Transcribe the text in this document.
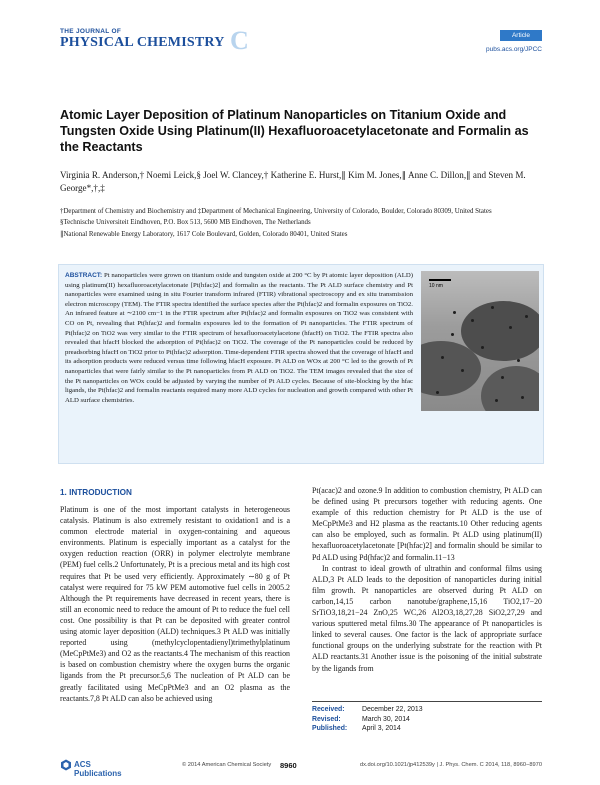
THE JOURNAL OF
PHYSICAL CHEMISTRY C	Article
pubs.acs.org/JPCC
Atomic Layer Deposition of Platinum Nanoparticles on Titanium Oxide and Tungsten Oxide Using Platinum(II) Hexafluoroacetylacetonate and Formalin as the Reactants
Virginia R. Anderson,† Noemi Leick,§ Joel W. Clancey,† Katherine E. Hurst,∥ Kim M. Jones,∥ Anne C. Dillon,∥ and Steven M. George*,†,‡
†Department of Chemistry and Biochemistry and ‡Department of Mechanical Engineering, University of Colorado, Boulder, Colorado 80309, United States
§Technische Universiteit Eindhoven, P.O. Box 513, 5600 MB Eindhoven, The Netherlands
∥National Renewable Energy Laboratory, 1617 Cole Boulevard, Golden, Colorado 80401, United States
10 nm
ABSTRACT: Pt nanoparticles were grown on titanium oxide and tungsten oxide at 200 °C by Pt atomic layer deposition (ALD) using platinum(II) hexafluoroacetylacetonate [Pt(hfac)2] and formalin as the reactants. The Pt ALD surface chemistry and Pt nanoparticles were examined using in situ Fourier transform infrared (FTIR) vibrational spectroscopy and ex situ transmission electron microscopy (TEM). The FTIR spectra identified the surface species after the Pt(hfac)2 and formalin exposures on TiO2. An infrared feature at ∼2100 cm−1 in the FTIR spectrum after Pt(hfac)2 and formalin exposures on TiO2 was consistent with CO on Pt, revealing that Pt(hfac)2 and formalin exposures led to the formation of Pt nanoparticles. The FTIR spectrum of Pt(hfac)2 on TiO2 was very similar to the FTIR spectrum of hexafluoroacetylacetone (hfacH) on TiO2. The FTIR spectra also revealed that hfacH blocked the adsorption of Pt(hfac)2 on TiO2. The coverage of the Pt nanoparticles could be reduced by preadsorbing hfacH on TiO2 prior to Pt(hfac)2 adsorption. Time-dependent FTIR spectra showed that the coverage of hfacH and its adsorption products were reduced versus time following hfacH exposure. Pt ALD on WOx at 200 °C led to the growth of Pt nanoparticles that were fairly similar to the Pt nanoparticles from Pt ALD on TiO2. The TEM images revealed that the size of the Pt nanoparticles on WOx could be adjusted by varying the number of Pt ALD cycles. Because of site-blocking by the hfac ligands, the Pt(hfac)2 and formalin reactants required many more ALD cycles for nucleation and growth compared with other Pt ALD surface chemistries.
1. INTRODUCTION

Platinum is one of the most important catalysts in heterogeneous catalysis. Platinum is also extremely resistant to oxidation1 and is a common electrode material in oxygen-containing and aqueous environments. Platinum is especially important as a catalyst for the oxygen reduction reaction (ORR) in polymer electrolyte membrane (PEM) fuel cells.2 Unfortunately, Pt is a precious metal and its high cost requires that Pt be used very efficiently. Approximately ∼80 g of Pt catalyst were required for 75 kW PEM automotive fuel cells in 2005.2 Although the Pt requirements have decreased in recent years, there is still an economic need to reduce the amount of Pt to reduce the fuel cell cost. One possibility is that Pt can be deposited with greater control using atomic layer deposition (ALD) techniques.3 Pt ALD was initially reported using (methylcyclopentadienyl)trimethylplatinum (MeCpPtMe3) and O2 as the reactants.4 The mechanism of this reaction is based on combustion chemistry where the oxygen burns the organic ligands from the Pt precursor.5,6 The nucleation of Pt ALD can be greatly facilitated using MeCpPtMe3 and an O2 plasma as the reactants.7,8 Pt ALD can also be achieved using

Pt(acac)2 and ozone.9 In addition to combustion chemistry, Pt ALD can be defined using Pt precursors together with reducing agents. One example of this reduction chemistry for Pt ALD is the use of MeCpPtMe3 and H2 plasma as the reactants.10 Other reducing agents can also be employed, such as formalin. Pt ALD using platinum(II) hexafluoroacetylacetonate [Pt(hfac)2] and formalin should be similar to Pd ALD using Pd(hfac)2 and formalin.11−13

In contrast to ideal growth of ultrathin and conformal films using ALD,3 Pt ALD leads to the deposition of nanoparticles during initial film growth. Pt nanoparticles are observed during Pt ALD on carbon,14,15 carbon nanotube/graphene,15,16 TiO2,17−20 SrTiO3,18,21−24 ZnO,25 WC,26 Al2O3,18,27,28 SiO2,27,29 and various sputtered metal films.30 The appearance of Pt nanoparticles is linked to several causes. One factor is the lack of appropriate surface functional groups on the underlying substrate for the reaction with Pt ALD reactants.31 Another issue is the poisoning of the initial substrate by the ligands from

Received:	December 22, 2013
Revised:	March 30, 2014
Published:	April 3, 2014
ACS Publications
© 2014 American Chemical Society 8960	dx.doi.org/10.1021/jp412539y | J. Phys. Chem. C 2014, 118, 8960−8970
